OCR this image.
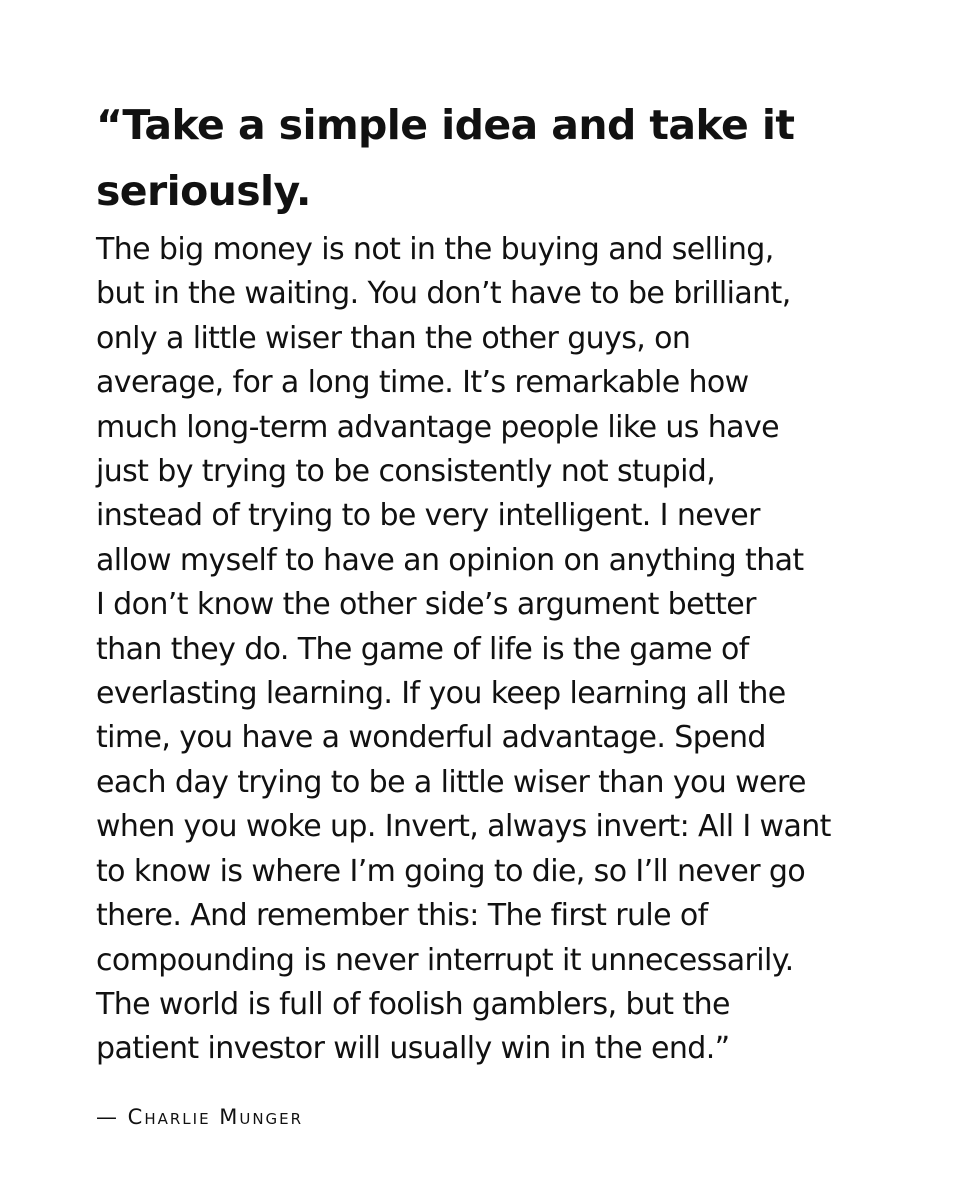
“Take a simple idea and take it
seriously.

The big money is not in the buying and selling,
but in the waiting. You don’t have to be brilliant,
only a little wiser than the other guys, on
average, for a long time. It’s remarkable how
much long-term advantage people like us have
just by trying to be consistently not stupid,
instead of trying to be very intelligent. I never
allow myself to have an opinion on anything that
I don’t know the other side’s argument better
than they do. The game of life is the game of
everlasting learning. If you keep learning all the
time, you have a wonderful advantage. Spend
each day trying to be a little wiser than you were
when you woke up. Invert, always invert: All I want
to know is where I’m going to die, so I’ll never go
there. And remember this: The first rule of
compounding is never interrupt it unnecessarily.
The world is full of foolish gamblers, but the
patient investor will usually win in the end.”

— Charlie Munger
